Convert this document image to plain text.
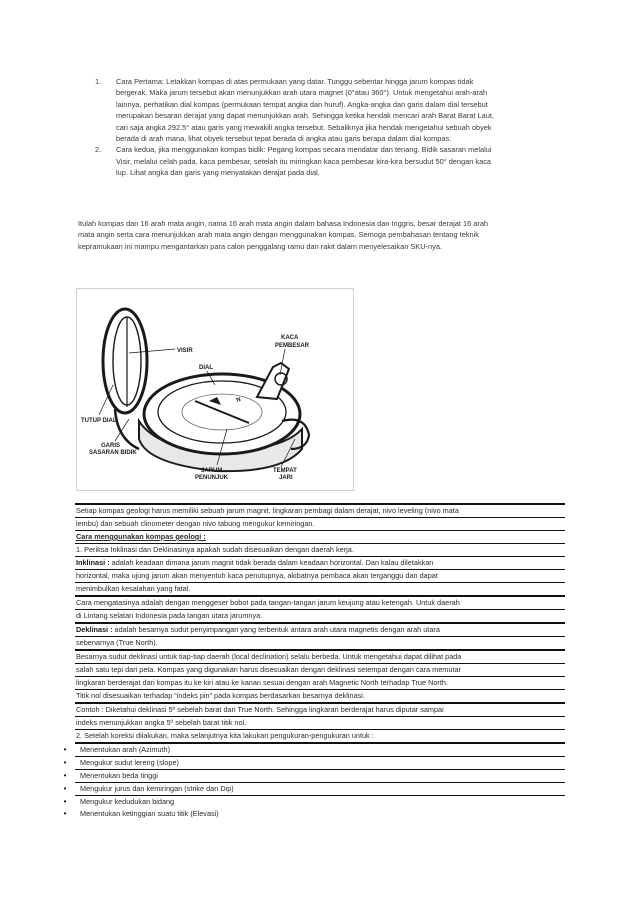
1.	Cara Pertama: Letakkan kompas di atas permukaan yang datar. Tunggu sebentar hingga jarum kompas tidak
bergerak. Maka jarum tersebut akan menunjukkan arah utara magnet (0°atau 360°). Untuk mengetahui arah-arah
lainnya, perhatikan dial kompas (permukaan tempat angka dan huruf). Angka-angka dan garis dalam dial tersebut
merupakan besaran derajat yang dapat menunjukkan arah. Sehingga ketika hendak mencari arah Barat Barat Laut,
cari saja angka 292.5° atau garis yang mewakili angka tersebut. Sebaliknya jika hendak mengetahui sebuah obyek
berada di arah mana, lihat obyek tersebut tepat berada di angka atau garis berapa dalam dial kompas.
2.	Cara kedua, jika menggunakan kompas bidik: Pegang kompas secara mendatar dan tenang. Bidik sasaran melalui
Visir, melalui celah pada, kaca pembesar, setelah itu miringkan kaca pembesar kira-kira bersudut 50° dengan kaca
lup. Lihat angka dan garis yang menyatakan derajat pada dial.
Itulah kompas dan 16 arah mata angin, nama 16 arah mata angin dalam bahasa Indonesia dan Inggris, besar derajat 16 arah
mata angin serta cara menunjukkan arah mata angin dengan menggunakan kompas. Semoga pembahasan tentang teknik
kepramukaan ini mampu mengantarkan para calon penggalang ramu dan rakit dalam menyelesaikan SKU-nya.
N
VISIR
KACA
PEMBESAR
DIAL
TUTUP DIAL
GARIS
SASARAN BIDIK
JARUM
PENUNJUK
TEMPAT
JARI
Setiap kompas geologi harus memiliki sebuah jarum magnit, lingkaran pembagi dalam derajat, nivo leveling (nivo mata
lembu) dan sebuah clinometer dengan nivo tabung mengukur kemiringan.
Cara menggunakan kompas geologi :
1. Periksa Inklinasi dan Deklinasinya apakah sudah disesuaikan dengan daerah kerja.
Inklinasi : adalah keadaan dimana jarum magnit tidak berada dalam keadaan horizontal. Dan kalau diletakkan
horizontal, maka ujung jarum akan menyentuh kaca penutupnya, akibatnya pembaca akan terganggu dan dapat
menimbulkan kesalahan yang fatal.
Cara mengatasinya adalah dengan menggeser bobot pada tangan-tangan jarum keujung atau ketengah. Untuk daerah
di Lintang selatan Indonesia pada tangan utara jarumnya.
Deklinasi : adalah besarnya sudut penyimpangan yang terbentuk antara arah utara magnetis dengan arah utara
sebenarnya (True North).
Besarnya sudut deklinasi untuk tiap-tiap daerah (local declination) selalu berbeda. Untuk mengetahui dapat dilihat pada
salah satu tepi dari peta. Kompas yang digunakan harus disesuaikan dengan deklinasi setempat dengan cara memutar
lingkaran berderajat dari kompas itu ke kiri atau ke kanan sesuai dengan arah Magnetic North terhadap True North.
Titik nol disesuaikan terhadap “indeks pin” pada kompas berdasarkan besarnya deklinasi.
Contoh : Diketahui deklinasi 5º sebelah barat dari True North. Sehingga lingkaran berderajat harus diputar sampai
indeks menunjukkan angka 5º sebelah barat titik nol.
2. Setelah koreksi dilakukan, maka selanjutnya kita lakukan pengukuran-pengukuran untuk :
•	Menentukan arah (Azimuth)
•	Mengukur sudut lereng (slope)
•	Menentukan beda tinggi
•	Mengukur jurus dan kemiringan (strike dan Dip)
•	Mengukur kedudukan bidang
•	Menentukan ketinggian suatu titik (Elevasi)
